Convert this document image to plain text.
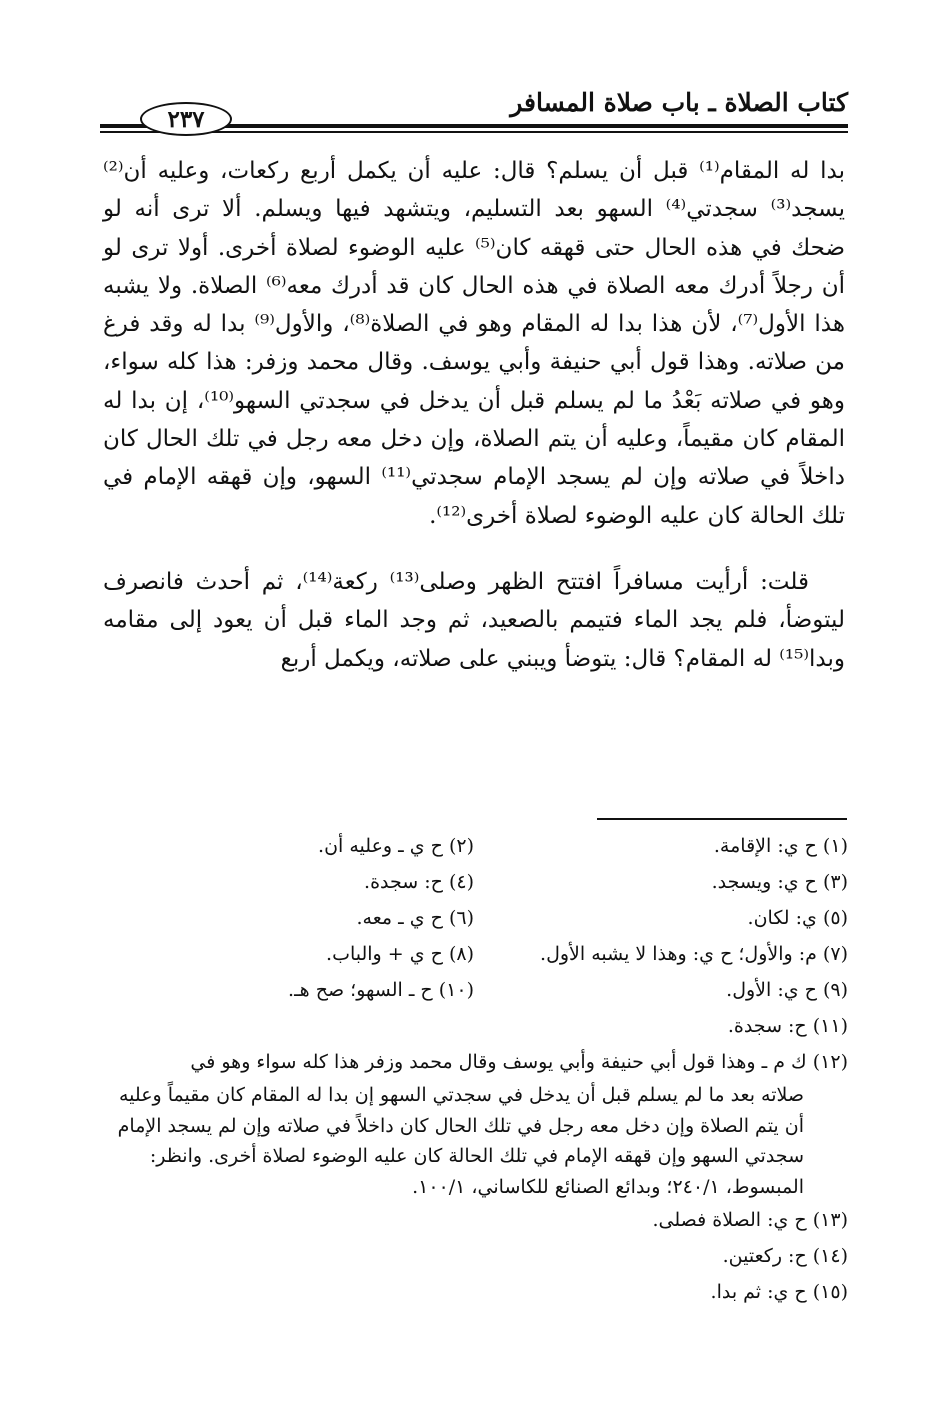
كتاب الصلاة ـ باب صلاة المسافر
٢٣٧

بدا له المقام⁽¹⁾ قبل أن يسلم؟ قال: عليه أن يكمل أربع ركعات، وعليه أن⁽²⁾ يسجد⁽³⁾ سجدتي⁽⁴⁾ السهو بعد التسليم، ويتشهد فيها ويسلم. ألا ترى أنه لو ضحك في هذه الحال حتى قهقه كان⁽⁵⁾ عليه الوضوء لصلاة أخرى. أولا ترى لو أن رجلاً أدرك معه الصلاة في هذه الحال كان قد أدرك معه⁽⁶⁾ الصلاة. ولا يشبه هذا الأول⁽⁷⁾، لأن هذا بدا له المقام وهو في الصلاة⁽⁸⁾، والأول⁽⁹⁾ بدا له وقد فرغ من صلاته. وهذا قول أبي حنيفة وأبي يوسف. وقال محمد وزفر: هذا كله سواء، وهو في صلاته بَعْدُ ما لم يسلم قبل أن يدخل في سجدتي السهو⁽¹⁰⁾، إن بدا له المقام كان مقيماً، وعليه أن يتم الصلاة، وإن دخل معه رجل في تلك الحال كان داخلاً في صلاته وإن لم يسجد الإمام سجدتي⁽¹¹⁾ السهو، وإن قهقه الإمام في تلك الحالة كان عليه الوضوء لصلاة أخرى⁽¹²⁾.

قلت: أرأيت مسافراً افتتح الظهر وصلى⁽¹³⁾ ركعة⁽¹⁴⁾، ثم أحدث فانصرف ليتوضأ، فلم يجد الماء فتيمم بالصعيد، ثم وجد الماء قبل أن يعود إلى مقامه وبدا⁽¹⁵⁾ له المقام؟ قال: يتوضأ ويبني على صلاته، ويكمل أربع

(١) ح ي: الإقامة.
(٢) ح ي ـ وعليه أن.
(٣) ح ي: ويسجد.
(٤) ح: سجدة.
(٥) ي: لكان.
(٦) ح ي ـ معه.
(٧) م: والأول؛ ح ي: وهذا لا يشبه الأول.
(٨) ح ي + والباب.
(٩) ح ي: الأول.
(١٠) ح ـ السهو؛ صح هـ.
(١١) ح: سجدة.
(١٢) ك م ـ وهذا قول أبي حنيفة وأبي يوسف وقال محمد وزفر هذا كله سواء وهو في
صلاته بعد ما لم يسلم قبل أن يدخل في سجدتي السهو إن بدا له المقام كان مقيماً وعليه أن يتم الصلاة وإن دخل معه رجل في تلك الحال كان داخلاً في صلاته وإن لم يسجد الإمام سجدتي السهو وإن قهقه الإمام في تلك الحالة كان عليه الوضوء لصلاة أخرى. وانظر: المبسوط، ٢٤٠/١؛ وبدائع الصنائع للكاساني، ١٠٠/١.
(١٣) ح ي: الصلاة فصلى.
(١٤) ح: ركعتين.
(١٥) ح ي: ثم بدا.
